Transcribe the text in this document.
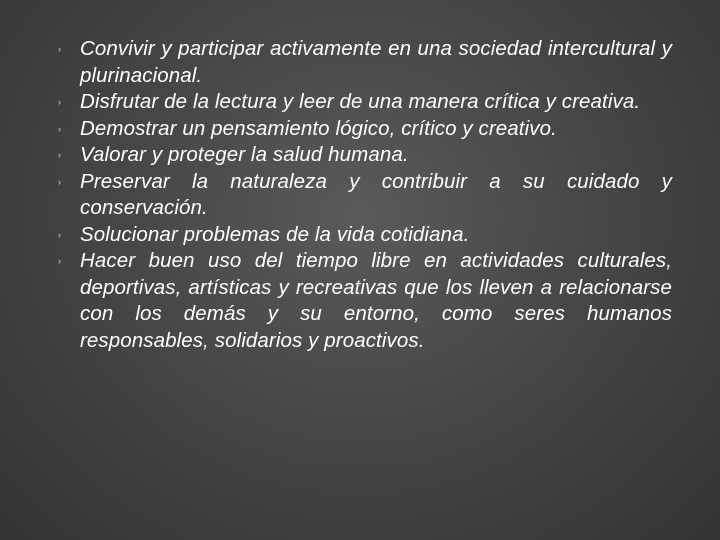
› Convivir y participar activamente en una sociedad intercultural y plurinacional.
› Disfrutar de la lectura y leer de una manera crítica y creativa.
› Demostrar un pensamiento lógico, crítico y creativo.
› Valorar y proteger la salud humana.
› Preservar la naturaleza y contribuir a su cuidado y conservación.
› Solucionar problemas de la vida cotidiana.
› Hacer buen uso del tiempo libre en actividades culturales, deportivas, artísticas y recreativas que los lleven a relacionarse con los demás y su entorno, como seres humanos responsables, solidarios y proactivos.
